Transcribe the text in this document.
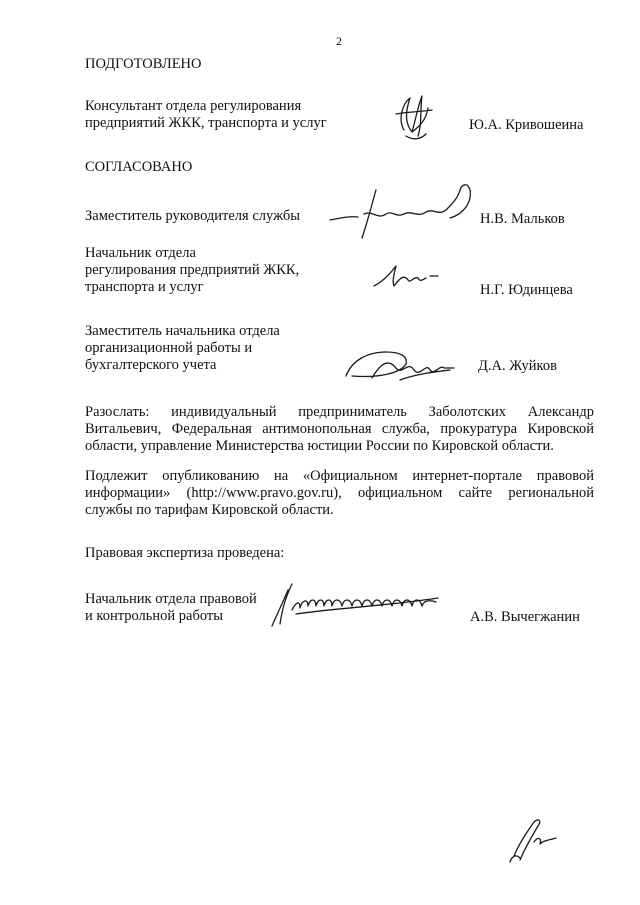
2
ПОДГОТОВЛЕНО
Консультант отдела регулирования
предприятий ЖКК, транспорта и услуг	Ю.А. Кривошеина
СОГЛАСОВАНО
Заместитель руководителя службы	Н.В. Мальков
Начальник отдела
регулирования предприятий ЖКК,
транспорта и услуг	Н.Г. Юдинцева
Заместитель начальника отдела
организационной работы и
бухгалтерского учета	Д.А. Жуйков
Разослать: индивидуальный предприниматель Заболотских Александр Витальевич, Федеральная антимонопольная служба, прокуратура Кировской области, управление Министерства юстиции России по Кировской области.
Подлежит опубликованию на «Официальном интернет-портале правовой информации» (http://www.pravo.gov.ru), официальном сайте региональной службы по тарифам Кировской области.
Правовая экспертиза проведена:
Начальник отдела правовой
и контрольной работы	А.В. Вычегжанин
